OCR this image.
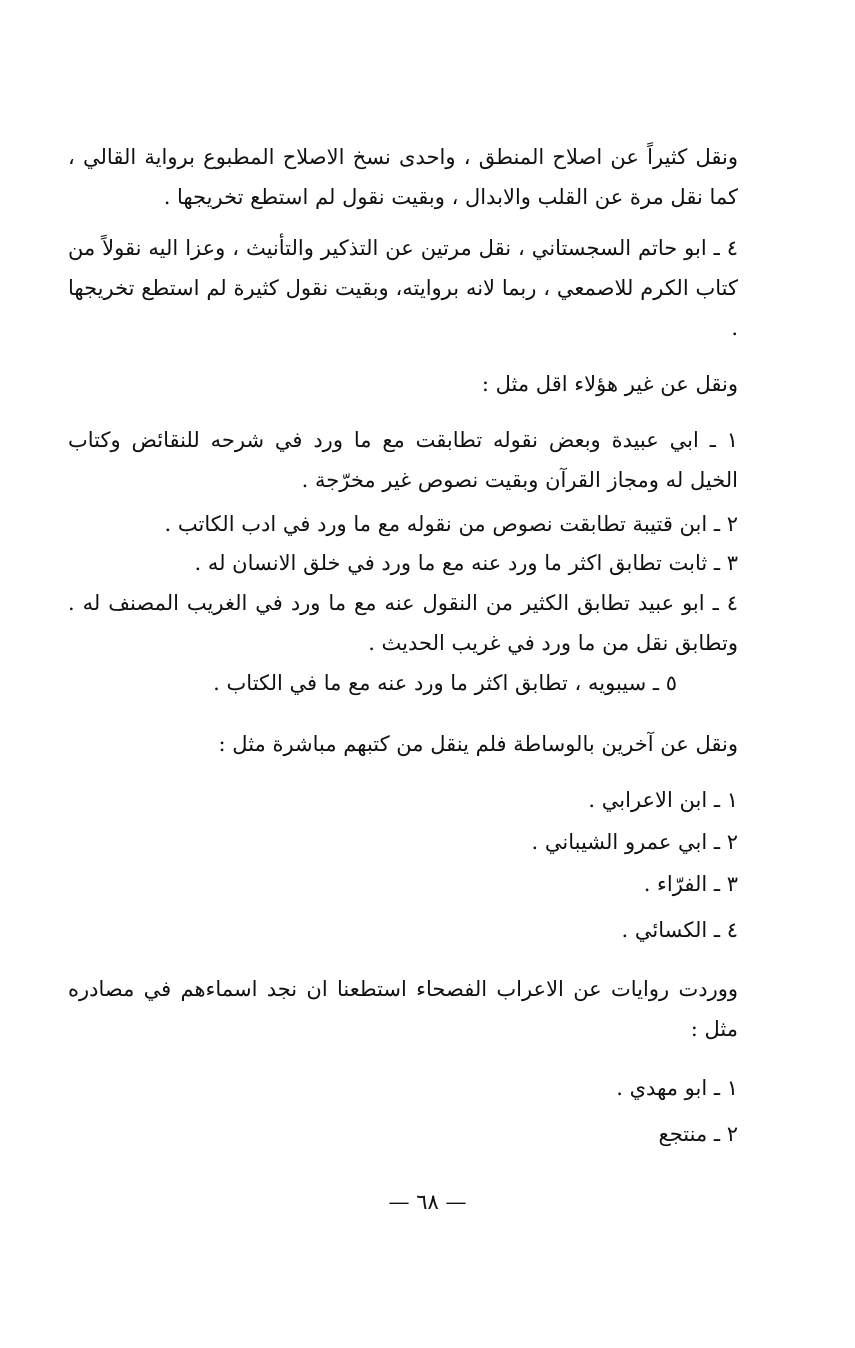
ونقل كثيراً عن اصلاح المنطق ، واحدى نسخ الاصلاح المطبوع برواية القالي ، كما نقل مرة عن القلب والابدال ، وبقيت نقول لم استطع تخريجها .

٤ ـ ابو حاتم السجستاني ، نقل مرتين عن التذكير والتأنيث ، وعزا اليه نقولاً من كتاب الكرم للاصمعي ، ربما لانه بروايته، وبقيت نقول كثيرة لم استطع تخريجها .

ونقل عن غير هؤلاء اقل مثل :

١ ـ ابي عبيدة وبعض نقوله تطابقت مع ما ورد في شرحه للنقائض وكتاب الخيل له ومجاز القرآن وبقيت نصوص غير مخرّجة .

٢ ـ ابن قتيبة تطابقت نصوص من نقوله مع ما ورد في ادب الكاتب .

٣ ـ ثابت تطابق اكثر ما ورد عنه مع ما ورد في خلق الانسان له .

٤ ـ ابو عبيد تطابق الكثير من النقول عنه مع ما ورد في الغريب المصنف له . وتطابق نقل من ما ورد في غريب الحديث .

٥ ـ سيبويه ، تطابق اكثر ما ورد عنه مع ما في الكتاب .

ونقل عن آخرين بالوساطة فلم ينقل من كتبهم مباشرة مثل :

١ ـ ابن الاعرابي .

٢ ـ ابي عمرو الشيباني .

٣ ـ الفرّاء .

٤ ـ الكسائي .

ووردت روايات عن الاعراب الفصحاء استطعنا ان نجد اسماءهم في مصادره مثل :

١ ـ ابو مهدي .

٢ ـ منتجع

— ٦٨ —
